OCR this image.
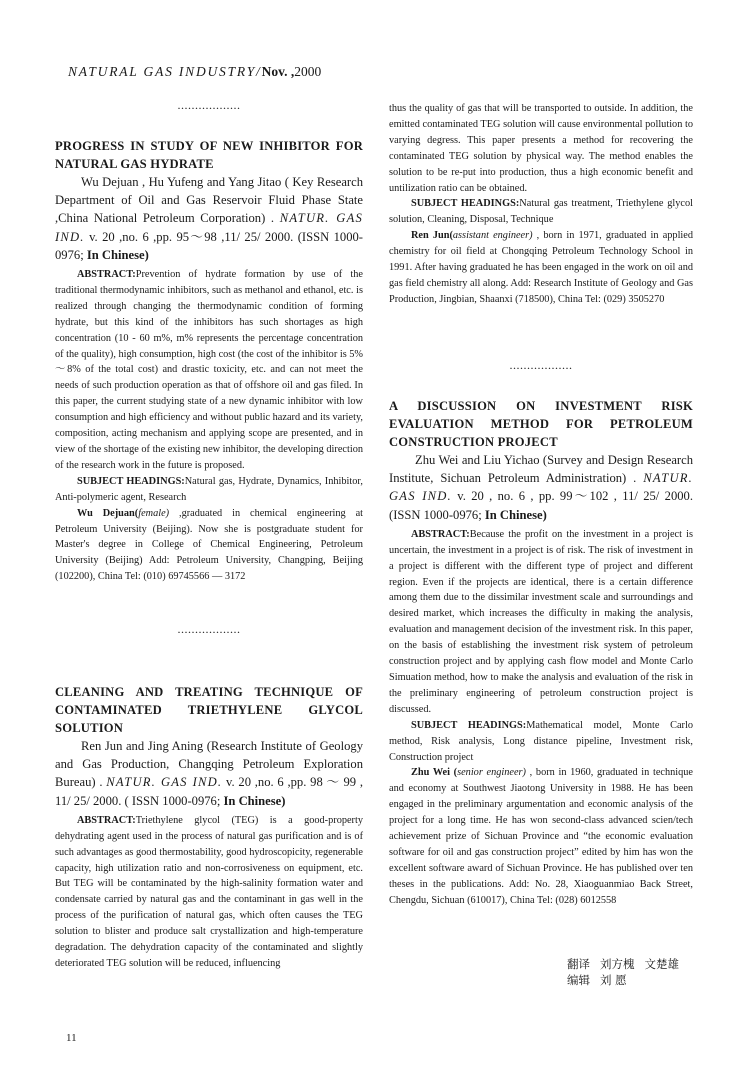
NATURAL GAS INDUSTRY/Nov. ,2000
..................
PROGRESS IN STUDY OF NEW INHIBITOR FOR NATURAL GAS HYDRATE
Wu Dejuan , Hu Yufeng and Yang Jitao ( Key Research Department of Oil and Gas Reservoir Fluid Phase State ,China National Petroleum Corporation) . NATUR. GAS IND. v. 20 ,no. 6 ,pp. 95～98 ,11/ 25/ 2000. (ISSN 1000-0976; In Chinese)
ABSTRACT:Prevention of hydrate formation by use of the traditional thermodynamic inhibitors, such as methanol and ethanol, etc. is realized through changing the thermodynamic condition of forming hydrate, but this kind of the inhibitors has such shortages as high concentration (10 - 60 m%, m% represents the percentage concentration of the quality), high consumption, high cost (the cost of the inhibitor is 5%～8% of the total cost) and drastic toxicity, etc. and can not meet the needs of such production operation as that of offshore oil and gas filed. In this paper, the current studying state of a new dynamic inhibitor with low consumption and high efficiency and without public hazard and its variety, composition, acting mechanism and applying scope are presented, and in view of the shortage of the existing new inhibitor, the developing direction of the research work in the future is proposed.
SUBJECT HEADINGS:Natural gas, Hydrate, Dynamics, Inhibitor, Anti-polymeric agent, Research
Wu Dejuan(female) ,graduated in chemical engineering at Petroleum University (Beijing). Now she is postgraduate student for Master's degree in College of Chemical Engineering, Petroleum University (Beijing) Add: Petroleum University, Changping, Beijing (102200), China Tel: (010) 69745566 — 3172
..................
CLEANING AND TREATING TECHNIQUE OF CONTAMINATED TRIETHYLENE GLYCOL SOLUTION
Ren Jun and Jing Aning (Research Institute of Geology and Gas Production, Changqing Petroleum Exploration Bureau) . NATUR. GAS IND. v. 20 ,no. 6 ,pp. 98 ～ 99 , 11/ 25/ 2000. ( ISSN 1000-0976; In Chinese)
ABSTRACT:Triethylene glycol (TEG) is a good-property dehydrating agent used in the process of natural gas purification and is of such advantages as good thermostability, good hydroscopicity, regenerable capacity, high utilization ratio and non-corrosiveness on equipment, etc. But TEG will be contaminated by the high-salinity formation water and condensate carried by natural gas and the contaminant in gas well in the process of the purification of natural gas, which often causes the TEG solution to blister and produce salt crystallization and high-temperature degradation. The dehydration capacity of the contaminated and slightly deteriorated TEG solution will be reduced, influencing
thus the quality of gas that will be transported to outside. In addition, the emitted contaminated TEG solution will cause environmental pollution to varying degress. This paper presents a method for recovering the contaminated TEG solution by physical way. The method enables the solution to be re-put into production, thus a high economic benefit and untilization ratio can be obtained.
SUBJECT HEADINGS:Natural gas treatment, Triethylene glycol solution, Cleaning, Disposal, Technique
Ren Jun(assistant engineer) , born in 1971, graduated in applied chemistry for oil field at Chongqing Petroleum Technology School in 1991. After having graduated he has been engaged in the work on oil and gas field chemistry all along. Add: Research Institute of Geology and Gas Production, Jingbian, Shaanxi (718500), China Tel: (029) 3505270
..................
A DISCUSSION ON INVESTMENT RISK EVALUATION METHOD FOR PETROLEUM CONSTRUCTION PROJECT
Zhu Wei and Liu Yichao (Survey and Design Research Institute, Sichuan Petroleum Administration) . NATUR. GAS IND. v. 20 , no. 6 , pp. 99～102 , 11/ 25/ 2000. (ISSN 1000-0976; In Chinese)
ABSTRACT:Because the profit on the investment in a project is uncertain, the investment in a project is of risk. The risk of investment in a project is different with the different type of project and different region. Even if the projects are identical, there is a certain difference among them due to the dissimilar investment scale and surroundings and desired market, which increases the difficulty in making the analysis, evaluation and management decision of the investment risk. In this paper, on the basis of establishing the investment risk system of petroleum construction project and by applying cash flow model and Monte Carlo Simuation method, how to make the analysis and evaluation of the risk in the preliminary engineering of petroleum construction project is discussed.
SUBJECT HEADINGS:Mathematical model, Monte Carlo method, Risk analysis, Long distance pipeline, Investment risk, Construction project
Zhu Wei (senior engineer) , born in 1960, graduated in technique and economy at Southwest Jiaotong University in 1988. He has been engaged in the preliminary argumentation and economic analysis of the project for a long time. He has won second-class advanced scien/tech achievement prize of Sichuan Province and “the economic evaluation software for oil and gas construction project” edited by him has won the excellent software award of Sichuan Province. He has published over ten theses in the publications. Add: No. 28, Xiaoguanmiao Back Street, Chengdu, Sichuan (610017), China Tel: (028) 6012558
翻译 刘方槐 文楚雄
编辑 刘 愿
11
